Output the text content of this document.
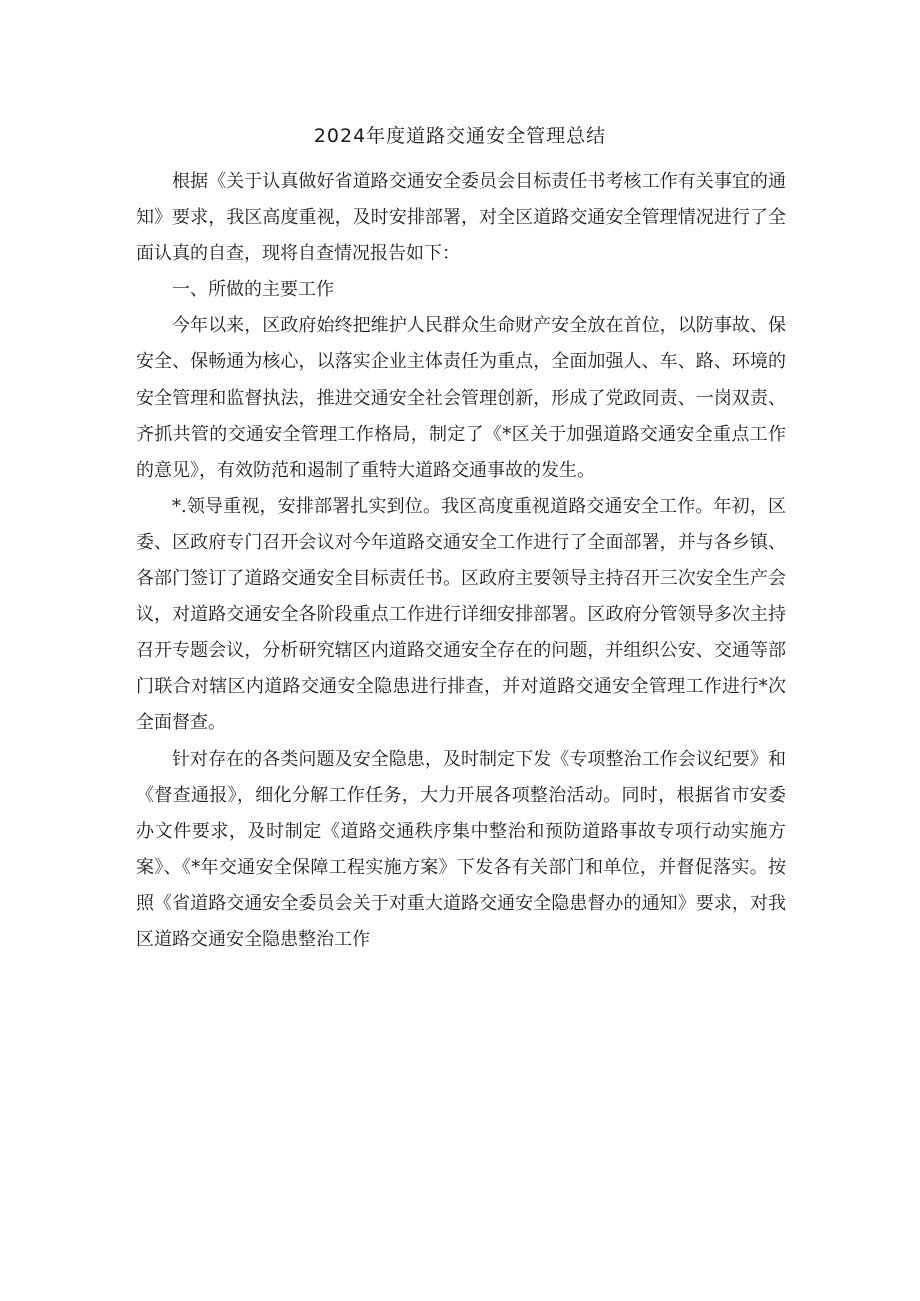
2024年度道路交通安全管理总结

根据《关于认真做好省道路交通安全委员会目标责任书考核工作有关事宜的通知》要求，我区高度重视，及时安排部署，对全区道路交通安全管理情况进行了全面认真的自查，现将自查情况报告如下：

一、所做的主要工作

今年以来，区政府始终把维护人民群众生命财产安全放在首位，以防事故、保安全、保畅通为核心，以落实企业主体责任为重点，全面加强人、车、路、环境的安全管理和监督执法，推进交通安全社会管理创新，形成了党政同责、一岗双责、齐抓共管的交通安全管理工作格局，制定了《*区关于加强道路交通安全重点工作的意见》，有效防范和遏制了重特大道路交通事故的发生。

*.领导重视，安排部署扎实到位。我区高度重视道路交通安全工作。年初，区委、区政府专门召开会议对今年道路交通安全工作进行了全面部署，并与各乡镇、各部门签订了道路交通安全目标责任书。区政府主要领导主持召开三次安全生产会议，对道路交通安全各阶段重点工作进行详细安排部署。区政府分管领导多次主持召开专题会议，分析研究辖区内道路交通安全存在的问题，并组织公安、交通等部门联合对辖区内道路交通安全隐患进行排查，并对道路交通安全管理工作进行*次全面督查。

针对存在的各类问题及安全隐患，及时制定下发《专项整治工作会议纪要》和《督查通报》，细化分解工作任务，大力开展各项整治活动。同时，根据省市安委办文件要求，及时制定《道路交通秩序集中整治和预防道路事故专项行动实施方案》、《*年交通安全保障工程实施方案》下发各有关部门和单位，并督促落实。按照《省道路交通安全委员会关于对重大道路交通安全隐患督办的通知》要求，对我区道路交通安全隐患整治工作
